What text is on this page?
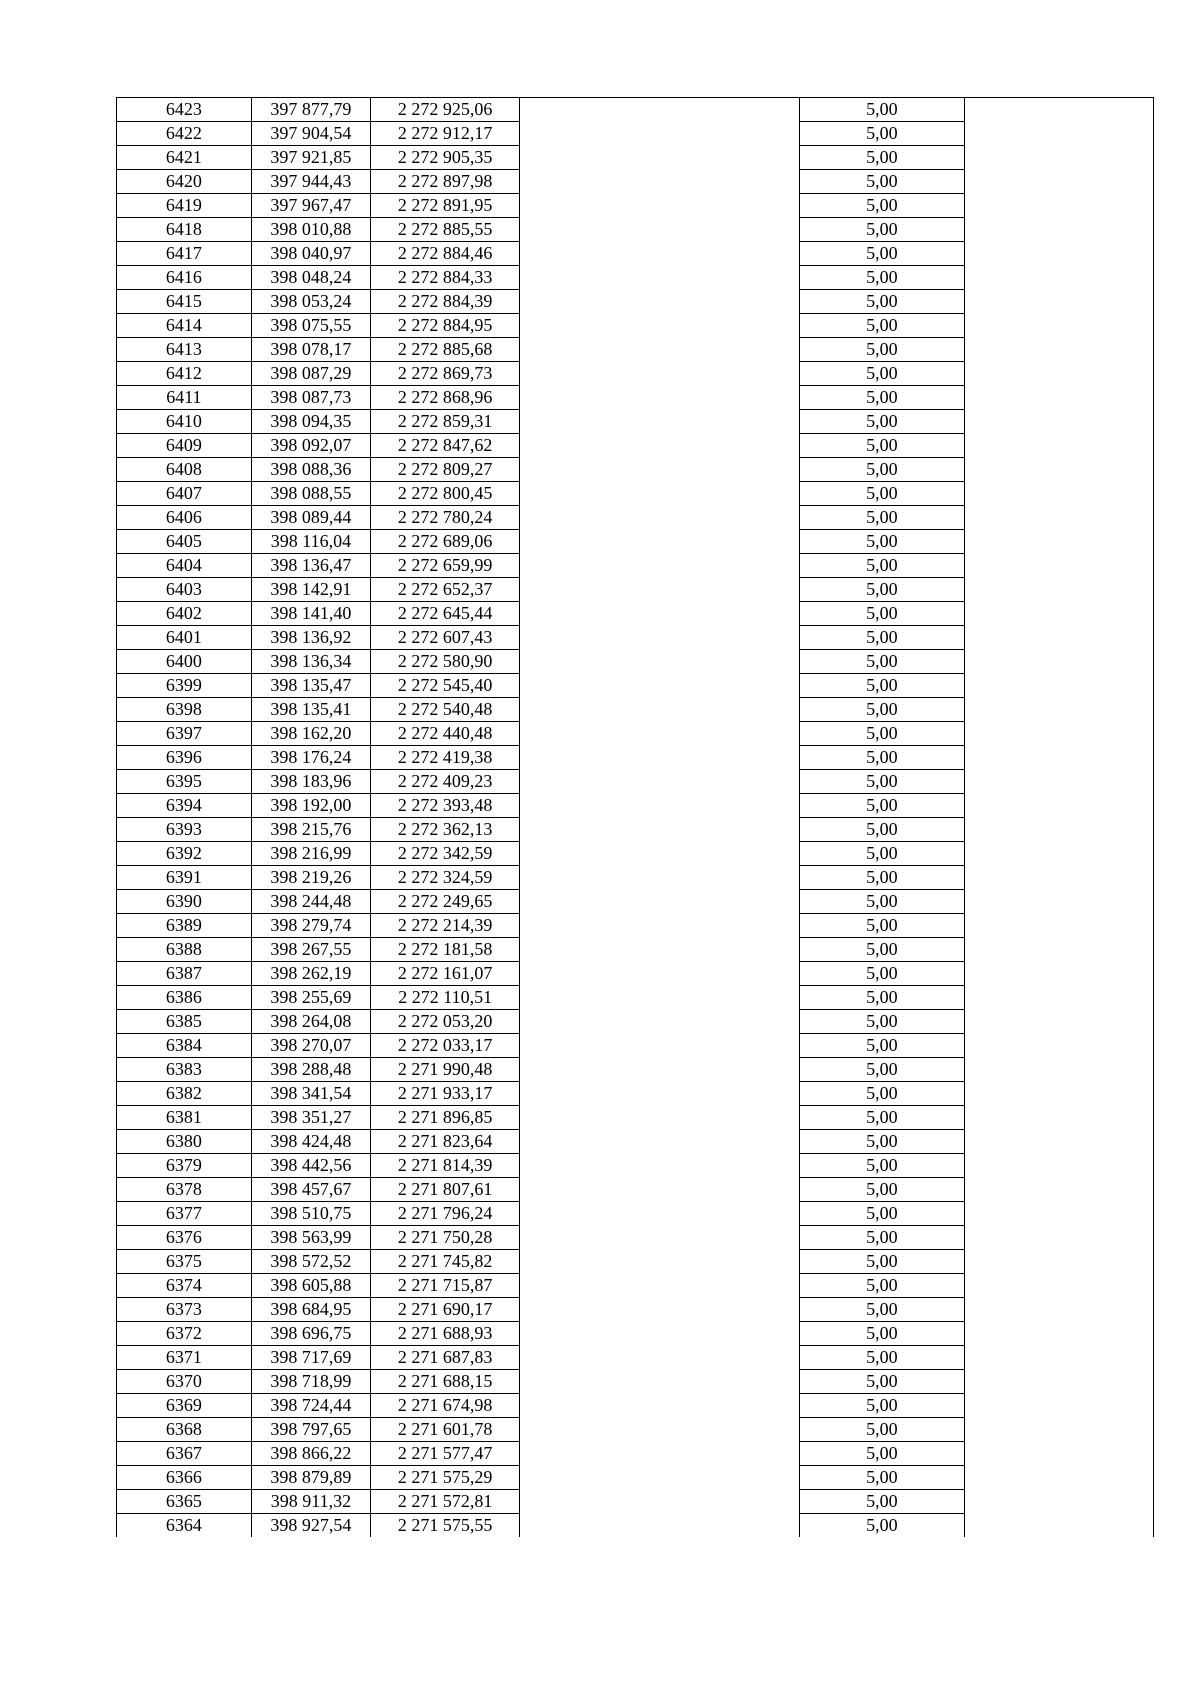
6423	397 877,79	2 272 925,06		5,00	
6422	397 904,54	2 272 912,17		5,00	
6421	397 921,85	2 272 905,35		5,00	
6420	397 944,43	2 272 897,98		5,00	
6419	397 967,47	2 272 891,95		5,00	
6418	398 010,88	2 272 885,55		5,00	
6417	398 040,97	2 272 884,46		5,00	
6416	398 048,24	2 272 884,33		5,00	
6415	398 053,24	2 272 884,39		5,00	
6414	398 075,55	2 272 884,95		5,00	
6413	398 078,17	2 272 885,68		5,00	
6412	398 087,29	2 272 869,73		5,00	
6411	398 087,73	2 272 868,96		5,00	
6410	398 094,35	2 272 859,31		5,00	
6409	398 092,07	2 272 847,62		5,00	
6408	398 088,36	2 272 809,27		5,00	
6407	398 088,55	2 272 800,45		5,00	
6406	398 089,44	2 272 780,24		5,00	
6405	398 116,04	2 272 689,06		5,00	
6404	398 136,47	2 272 659,99		5,00	
6403	398 142,91	2 272 652,37		5,00	
6402	398 141,40	2 272 645,44		5,00	
6401	398 136,92	2 272 607,43		5,00	
6400	398 136,34	2 272 580,90		5,00	
6399	398 135,47	2 272 545,40		5,00	
6398	398 135,41	2 272 540,48		5,00	
6397	398 162,20	2 272 440,48		5,00	
6396	398 176,24	2 272 419,38		5,00	
6395	398 183,96	2 272 409,23		5,00	
6394	398 192,00	2 272 393,48		5,00	
6393	398 215,76	2 272 362,13		5,00	
6392	398 216,99	2 272 342,59		5,00	
6391	398 219,26	2 272 324,59		5,00	
6390	398 244,48	2 272 249,65		5,00	
6389	398 279,74	2 272 214,39		5,00	
6388	398 267,55	2 272 181,58		5,00	
6387	398 262,19	2 272 161,07		5,00	
6386	398 255,69	2 272 110,51		5,00	
6385	398 264,08	2 272 053,20		5,00	
6384	398 270,07	2 272 033,17		5,00	
6383	398 288,48	2 271 990,48		5,00	
6382	398 341,54	2 271 933,17		5,00	
6381	398 351,27	2 271 896,85		5,00	
6380	398 424,48	2 271 823,64		5,00	
6379	398 442,56	2 271 814,39		5,00	
6378	398 457,67	2 271 807,61		5,00	
6377	398 510,75	2 271 796,24		5,00	
6376	398 563,99	2 271 750,28		5,00	
6375	398 572,52	2 271 745,82		5,00	
6374	398 605,88	2 271 715,87		5,00	
6373	398 684,95	2 271 690,17		5,00	
6372	398 696,75	2 271 688,93		5,00	
6371	398 717,69	2 271 687,83		5,00	
6370	398 718,99	2 271 688,15		5,00	
6369	398 724,44	2 271 674,98		5,00	
6368	398 797,65	2 271 601,78		5,00	
6367	398 866,22	2 271 577,47		5,00	
6366	398 879,89	2 271 575,29		5,00	
6365	398 911,32	2 271 572,81		5,00	
6364	398 927,54	2 271 575,55		5,00	
